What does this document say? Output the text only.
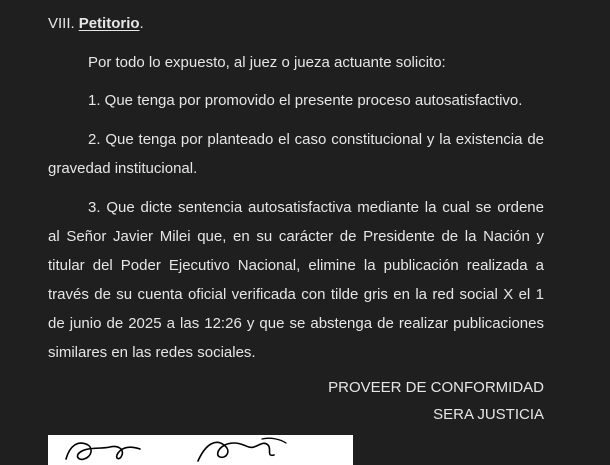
VIII. Petitorio.
Por todo lo expuesto, al juez o jueza actuante solicito:
1. Que tenga por promovido el presente proceso autosatisfactivo.
2. Que tenga por planteado el caso constitucional y la existencia de gravedad institucional.
3. Que dicte sentencia autosatisfactiva mediante la cual se ordene al Señor Javier Milei que, en su carácter de Presidente de la Nación y titular del Poder Ejecutivo Nacional, elimine la publicación realizada a través de su cuenta oficial verificada con tilde gris en la red social X el 1 de junio de 2025 a las 12:26 y que se abstenga de realizar publicaciones similares en las redes sociales.
PROVEER DE CONFORMIDAD
SERA JUSTICIA
